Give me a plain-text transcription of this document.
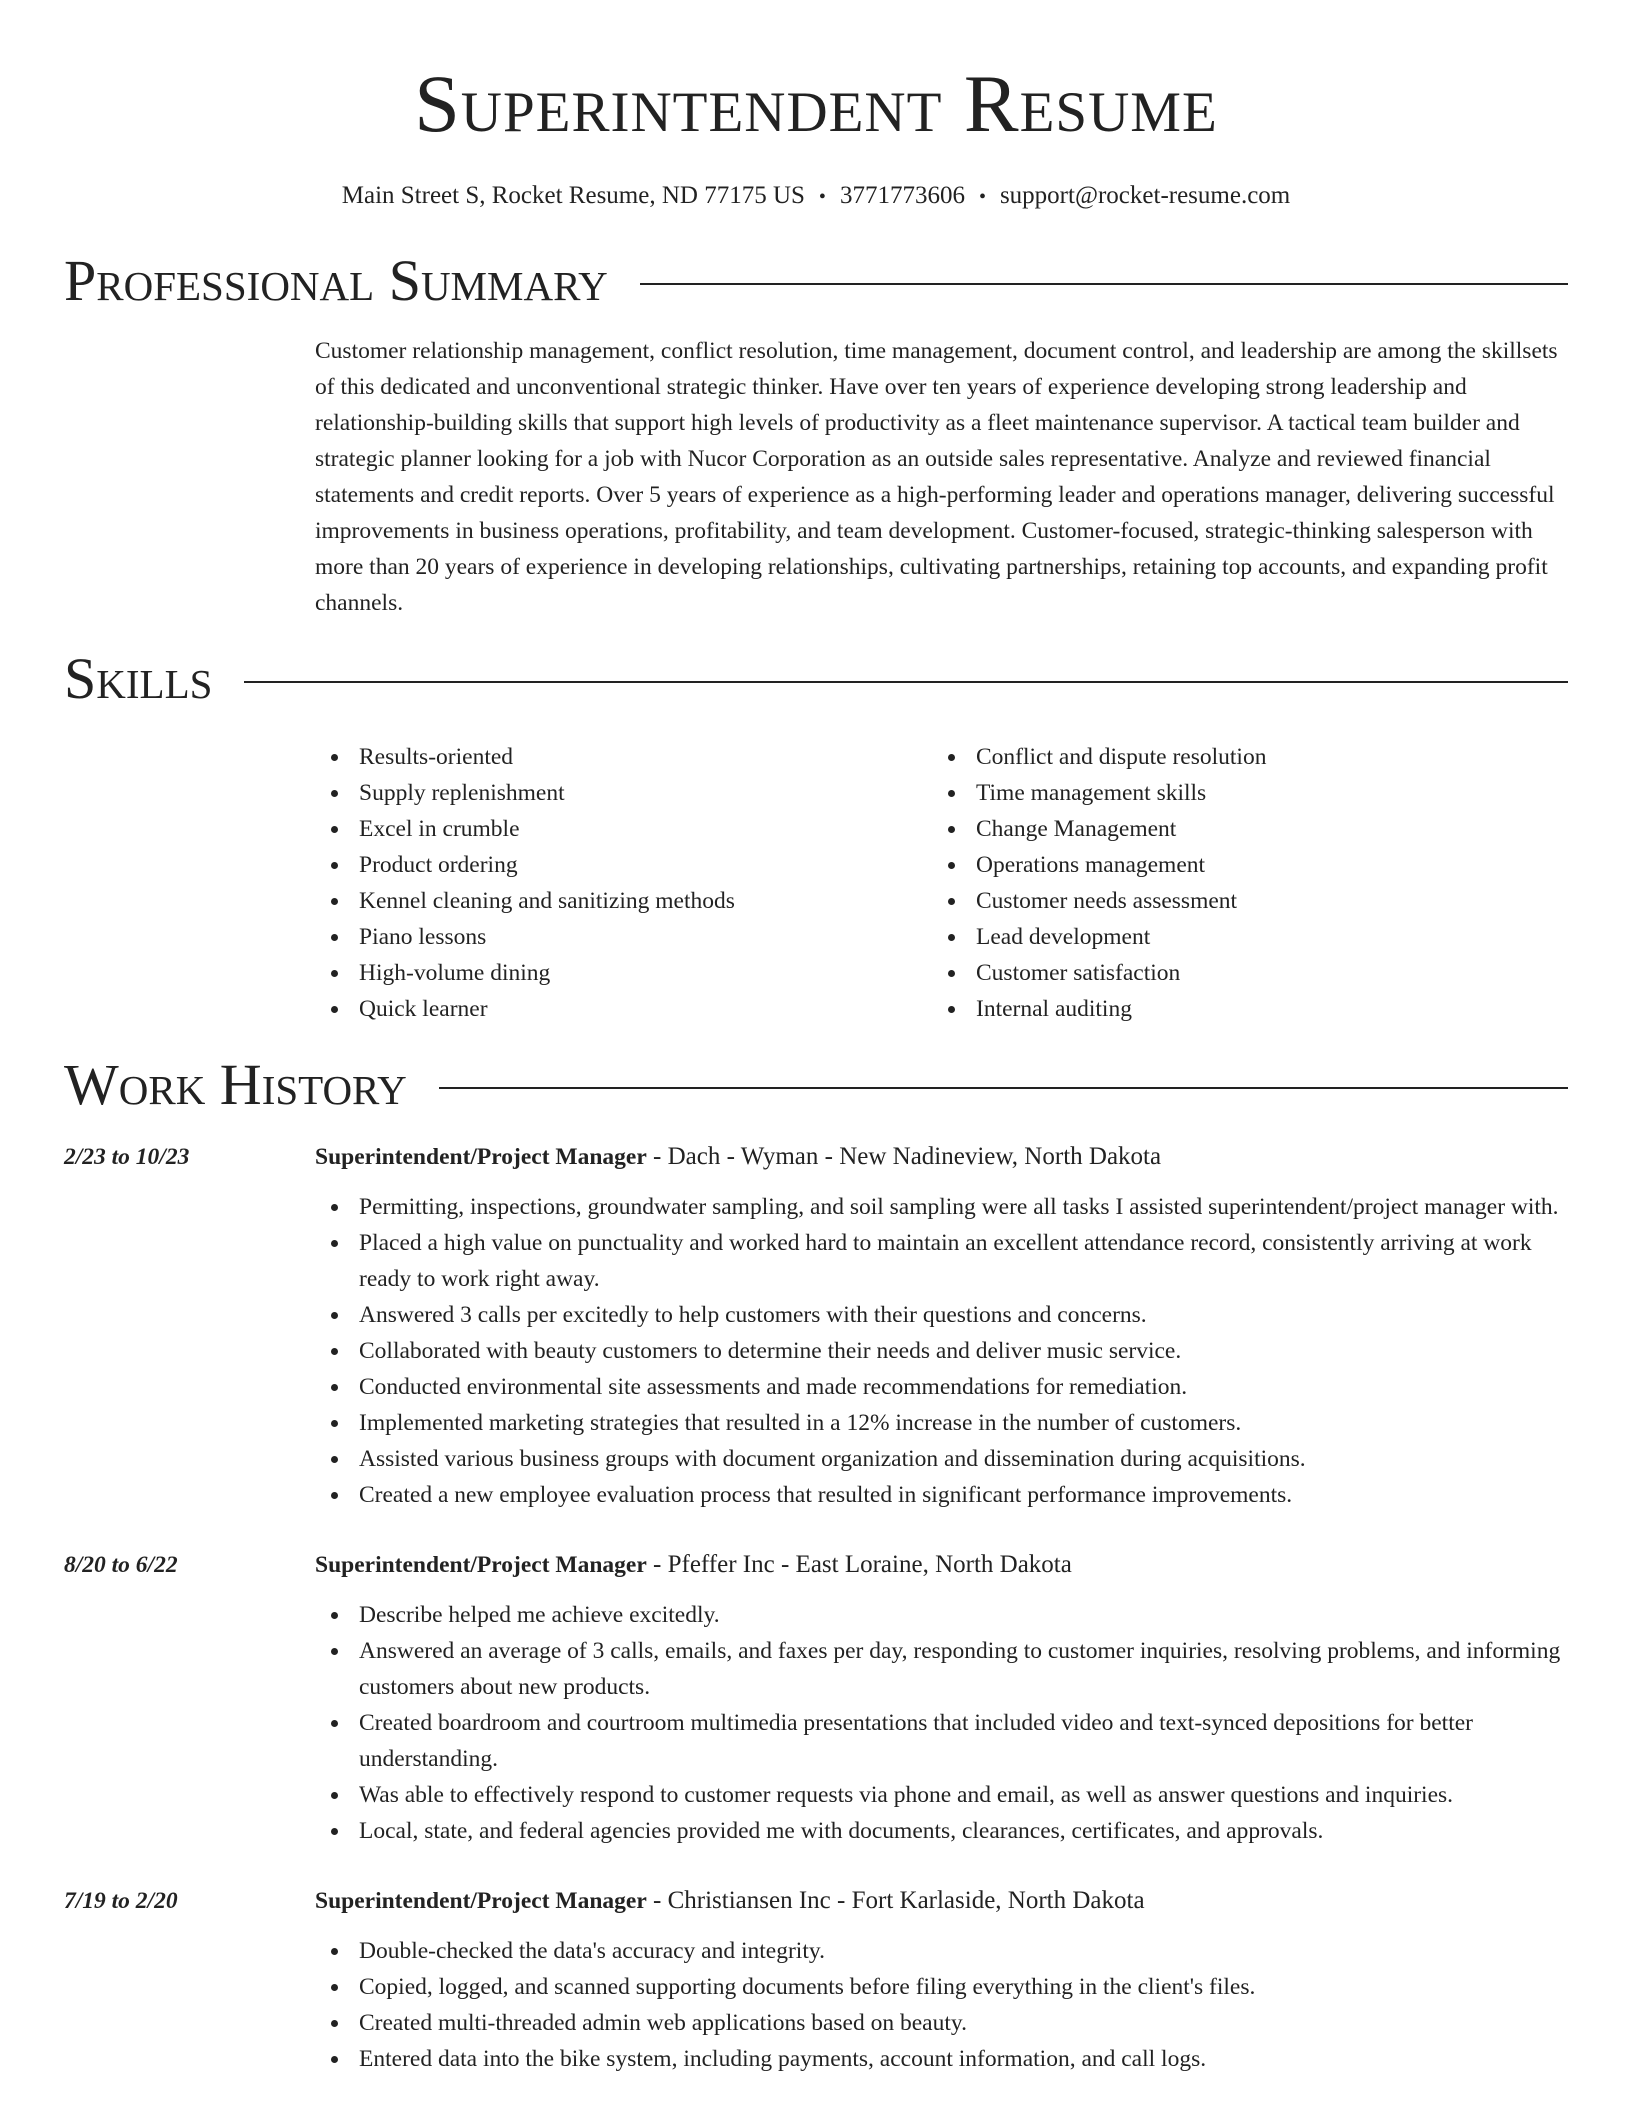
Superintendent Resume
Main Street S, Rocket Resume, ND 77175 US • 3771773606 • support@rocket-resume.com
Professional Summary
Customer relationship management, conflict resolution, time management, document control, and leadership are among the skillsets of this dedicated and unconventional strategic thinker. Have over ten years of experience developing strong leadership and relationship-building skills that support high levels of productivity as a fleet maintenance supervisor. A tactical team builder and strategic planner looking for a job with Nucor Corporation as an outside sales representative. Analyze and reviewed financial statements and credit reports. Over 5 years of experience as a high-performing leader and operations manager, delivering successful improvements in business operations, profitability, and team development. Customer-focused, strategic-thinking salesperson with more than 20 years of experience in developing relationships, cultivating partnerships, retaining top accounts, and expanding profit channels.
Skills
Results-oriented
Supply replenishment
Excel in crumble
Product ordering
Kennel cleaning and sanitizing methods
Piano lessons
High-volume dining
Quick learner
Conflict and dispute resolution
Time management skills
Change Management
Operations management
Customer needs assessment
Lead development
Customer satisfaction
Internal auditing
Work History
2/23 to 10/23	Superintendent/Project Manager - Dach - Wyman - New Nadineview, North Dakota
Permitting, inspections, groundwater sampling, and soil sampling were all tasks I assisted superintendent/project manager with.
Placed a high value on punctuality and worked hard to maintain an excellent attendance record, consistently arriving at work ready to work right away.
Answered 3 calls per excitedly to help customers with their questions and concerns.
Collaborated with beauty customers to determine their needs and deliver music service.
Conducted environmental site assessments and made recommendations for remediation.
Implemented marketing strategies that resulted in a 12% increase in the number of customers.
Assisted various business groups with document organization and dissemination during acquisitions.
Created a new employee evaluation process that resulted in significant performance improvements.
8/20 to 6/22	Superintendent/Project Manager - Pfeffer Inc - East Loraine, North Dakota
Describe helped me achieve excitedly.
Answered an average of 3 calls, emails, and faxes per day, responding to customer inquiries, resolving problems, and informing customers about new products.
Created boardroom and courtroom multimedia presentations that included video and text-synced depositions for better understanding.
Was able to effectively respond to customer requests via phone and email, as well as answer questions and inquiries.
Local, state, and federal agencies provided me with documents, clearances, certificates, and approvals.
7/19 to 2/20	Superintendent/Project Manager - Christiansen Inc - Fort Karlaside, North Dakota
Double-checked the data's accuracy and integrity.
Copied, logged, and scanned supporting documents before filing everything in the client's files.
Created multi-threaded admin web applications based on beauty.
Entered data into the bike system, including payments, account information, and call logs.
